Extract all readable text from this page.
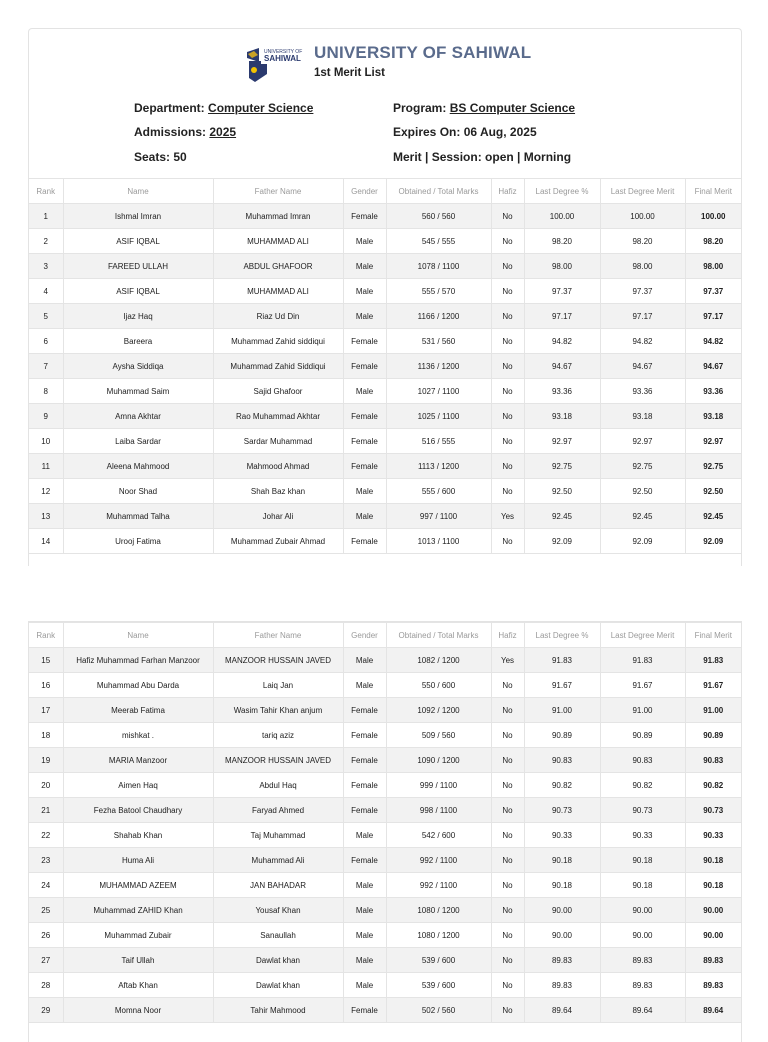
UNIVERSITY OF
SAHIWAL UNIVERSITY OF SAHIWAL
1st Merit List
Department: Computer Science	Program: BS Computer Science
Admissions: 2025	Expires On: 06 Aug, 2025
Seats: 50	Merit | Session: open | Morning
Rank	Name	Father Name	Gender	Obtained / Total Marks	Hafiz	Last Degree %	Last Degree Merit	Final Merit
1	Ishmal Imran	Muhammad Imran	Female	560 / 560	No	100.00	100.00	100.00
2	ASIF IQBAL	MUHAMMAD ALI	Male	545 / 555	No	98.20	98.20	98.20
3	FAREED ULLAH	ABDUL GHAFOOR	Male	1078 / 1100	No	98.00	98.00	98.00
4	ASIF IQBAL	MUHAMMAD ALI	Male	555 / 570	No	97.37	97.37	97.37
5	Ijaz Haq	Riaz Ud Din	Male	1166 / 1200	No	97.17	97.17	97.17
6	Bareera	Muhammad Zahid siddiqui	Female	531 / 560	No	94.82	94.82	94.82
7	Aysha Siddiqa	Muhammad Zahid Siddiqui	Female	1136 / 1200	No	94.67	94.67	94.67
8	Muhammad Saim	Sajid Ghafoor	Male	1027 / 1100	No	93.36	93.36	93.36
9	Amna Akhtar	Rao Muhammad Akhtar	Female	1025 / 1100	No	93.18	93.18	93.18
10	Laiba Sardar	Sardar Muhammad	Female	516 / 555	No	92.97	92.97	92.97
11	Aleena Mahmood	Mahmood Ahmad	Female	1113 / 1200	No	92.75	92.75	92.75
12	Noor Shad	Shah Baz khan	Male	555 / 600	No	92.50	92.50	92.50
13	Muhammad Talha	Johar Ali	Male	997 / 1100	Yes	92.45	92.45	92.45
14	Urooj Fatima	Muhammad Zubair Ahmad	Female	1013 / 1100	No	92.09	92.09	92.09
Rank	Name	Father Name	Gender	Obtained / Total Marks	Hafiz	Last Degree %	Last Degree Merit	Final Merit
15	Hafiz Muhammad Farhan Manzoor	MANZOOR HUSSAIN JAVED	Male	1082 / 1200	Yes	91.83	91.83	91.83
16	Muhammad Abu Darda	Laiq Jan	Male	550 / 600	No	91.67	91.67	91.67
17	Meerab Fatima	Wasim Tahir Khan anjum	Female	1092 / 1200	No	91.00	91.00	91.00
18	mishkat .	tariq aziz	Female	509 / 560	No	90.89	90.89	90.89
19	MARIA Manzoor	MANZOOR HUSSAIN JAVED	Female	1090 / 1200	No	90.83	90.83	90.83
20	Aimen Haq	Abdul Haq	Female	999 / 1100	No	90.82	90.82	90.82
21	Fezha Batool Chaudhary	Faryad Ahmed	Female	998 / 1100	No	90.73	90.73	90.73
22	Shahab Khan	Taj Muhammad	Male	542 / 600	No	90.33	90.33	90.33
23	Huma Ali	Muhammad Ali	Female	992 / 1100	No	90.18	90.18	90.18
24	MUHAMMAD AZEEM	JAN BAHADAR	Male	992 / 1100	No	90.18	90.18	90.18
25	Muhammad ZAHID Khan	Yousaf Khan	Male	1080 / 1200	No	90.00	90.00	90.00
26	Muhammad Zubair	Sanaullah	Male	1080 / 1200	No	90.00	90.00	90.00
27	Taif Ullah	Dawlat khan	Male	539 / 600	No	89.83	89.83	89.83
28	Aftab Khan	Dawlat khan	Male	539 / 600	No	89.83	89.83	89.83
29	Momna Noor	Tahir Mahmood	Female	502 / 560	No	89.64	89.64	89.64
